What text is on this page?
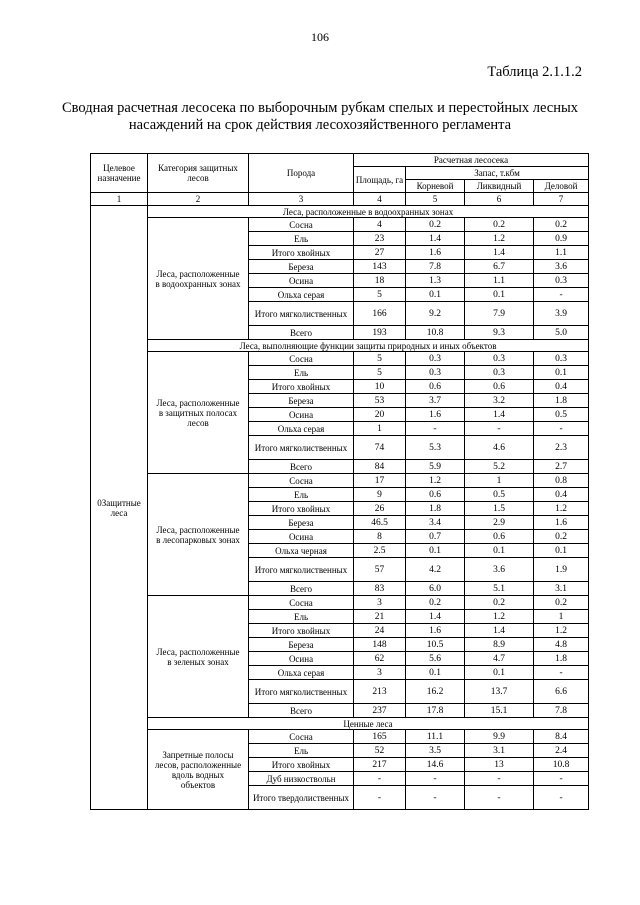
106
Таблица 2.1.1.2
Сводная расчетная лесосека по выборочным рубкам спелых и перестойных лесных насаждений на срок действия лесохозяйственного регламента
Целевое назначение	Категория защитных лесов	Порода	Расчетная лесосека			
			Площадь, га	Запас, т.кбм		
				Корневой	Ликвидный	Деловой
1	2	3	4	5	6	7
0Защитные леса	Леса, расположенные в водоохранных зонах					
	Леса, расположенные в водоохранных зонах	Сосна	4	0.2	0.2	0.2
		Ель	23	1.4	1.2	0.9
		Итого хвойных	27	1.6	1.4	1.1
		Береза	143	7.8	6.7	3.6
		Осина	18	1.3	1.1	0.3
		Ольха серая	5	0.1	0.1	-
		Итого мягколиственных	166	9.2	7.9	3.9
		Всего	193	10.8	9.3	5.0
	Леса, выполняющие функции защиты природных и иных объектов					
	Леса, расположенные в защитных полосах лесов	Сосна	5	0.3	0.3	0.3
		Ель	5	0.3	0.3	0.1
		Итого хвойных	10	0.6	0.6	0.4
		Береза	53	3.7	3.2	1.8
		Осина	20	1.6	1.4	0.5
		Ольха серая	1	-	-	-
		Итого мягколиственных	74	5.3	4.6	2.3
		Всего	84	5.9	5.2	2.7
	Леса, расположенные в лесопарковых зонах	Сосна	17	1.2	1	0.8
		Ель	9	0.6	0.5	0.4
		Итого хвойных	26	1.8	1.5	1.2
		Береза	46.5	3.4	2.9	1.6
		Осина	8	0.7	0.6	0.2
		Ольха черная	2.5	0.1	0.1	0.1
		Итого мягколиственных	57	4.2	3.6	1.9
		Всего	83	6.0	5.1	3.1
	Леса, расположенные в зеленых зонах	Сосна	3	0.2	0.2	0.2
		Ель	21	1.4	1.2	1
		Итого хвойных	24	1.6	1.4	1.2
		Береза	148	10.5	8.9	4.8
		Осина	62	5.6	4.7	1.8
		Ольха серая	3	0.1	0.1	-
		Итого мягколиственных	213	16.2	13.7	6.6
		Всего	237	17.8	15.1	7.8
	Ценные леса					
	Запретные полосы лесов, расположенные вдоль водных объектов	Сосна	165	11.1	9.9	8.4
		Ель	52	3.5	3.1	2.4
		Итого хвойных	217	14.6	13	10.8
		Дуб низкоствольн	-	-	-	-
		Итого твердолиственных	-	-	-	-
